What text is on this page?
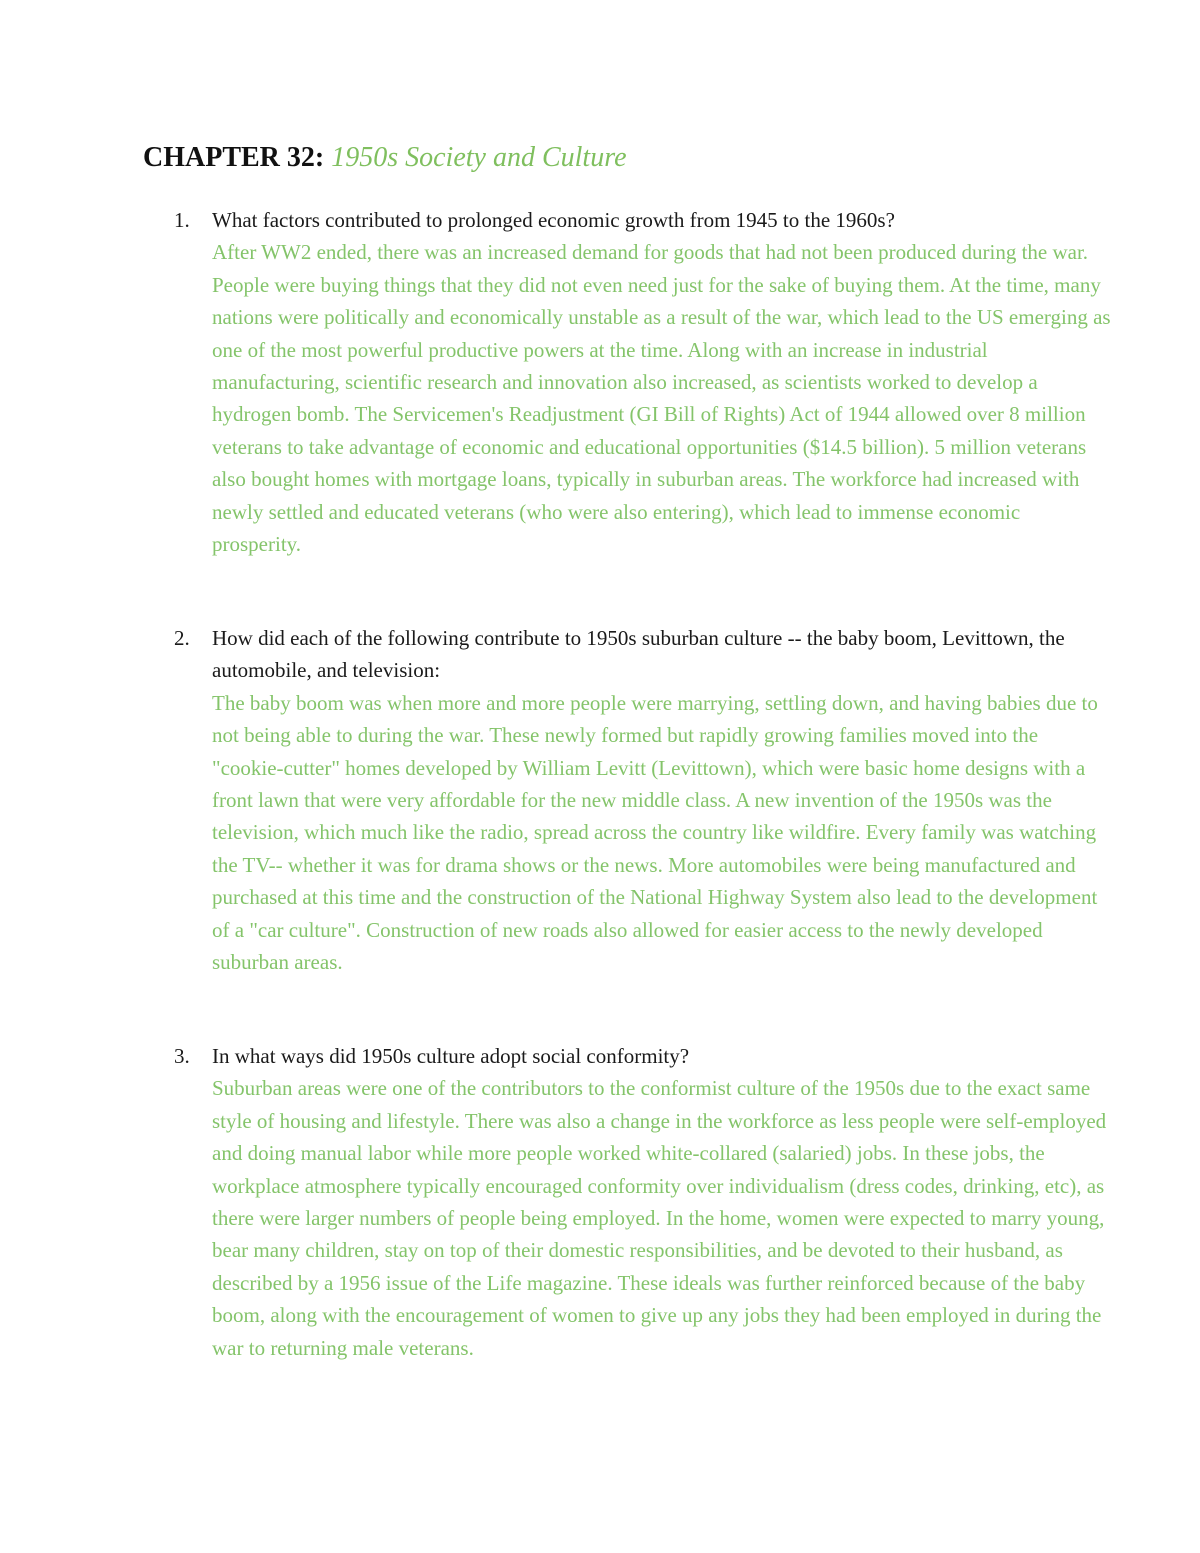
CHAPTER 32: 1950s Society and Culture
1. What factors contributed to prolonged economic growth from 1945 to the 1960s?
After WW2 ended, there was an increased demand for goods that had not been produced during the war. People were buying things that they did not even need just for the sake of buying them. At the time, many nations were politically and economically unstable as a result of the war, which lead to the US emerging as one of the most powerful productive powers at the time. Along with an increase in industrial manufacturing, scientific research and innovation also increased, as scientists worked to develop a hydrogen bomb. The Servicemen's Readjustment (GI Bill of Rights) Act of 1944 allowed over 8 million veterans to take advantage of economic and educational opportunities ($14.5 billion). 5 million veterans also bought homes with mortgage loans, typically in suburban areas. The workforce had increased with newly settled and educated veterans (who were also entering), which lead to immense economic prosperity.
2. How did each of the following contribute to 1950s suburban culture -- the baby boom, Levittown, the automobile, and television:
The baby boom was when more and more people were marrying, settling down, and having babies due to not being able to during the war. These newly formed but rapidly growing families moved into the "cookie-cutter" homes developed by William Levitt (Levittown), which were basic home designs with a front lawn that were very affordable for the new middle class. A new invention of the 1950s was the television, which much like the radio, spread across the country like wildfire. Every family was watching the TV-- whether it was for drama shows or the news. More automobiles were being manufactured and purchased at this time and the construction of the National Highway System also lead to the development of a "car culture". Construction of new roads also allowed for easier access to the newly developed suburban areas.
3. In what ways did 1950s culture adopt social conformity?
Suburban areas were one of the contributors to the conformist culture of the 1950s due to the exact same style of housing and lifestyle. There was also a change in the workforce as less people were self-employed and doing manual labor while more people worked white-collared (salaried) jobs. In these jobs, the workplace atmosphere typically encouraged conformity over individualism (dress codes, drinking, etc), as there were larger numbers of people being employed. In the home, women were expected to marry young, bear many children, stay on top of their domestic responsibilities, and be devoted to their husband, as described by a 1956 issue of the Life magazine. These ideals was further reinforced because of the baby boom, along with the encouragement of women to give up any jobs they had been employed in during the war to returning male veterans.
